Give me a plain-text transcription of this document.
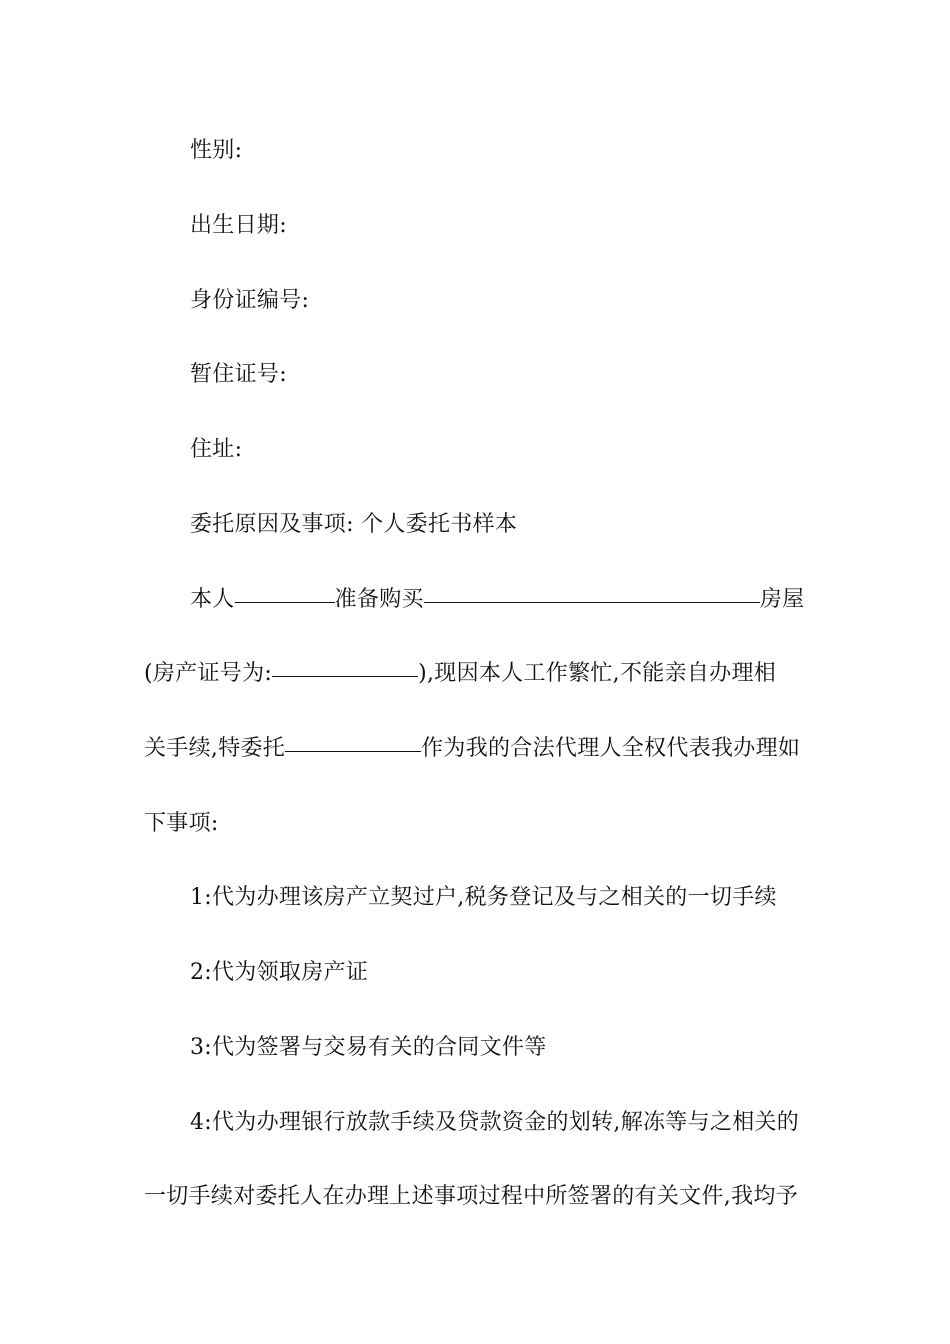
性别:
出生日期:
身份证编号:
暂住证号:
住址:
委托原因及事项: 个人委托书样本
本人	准备购买	房屋
(房产证号为:	),现因本人工作繁忙,不能亲自办理相
关手续,特委托	作为我的合法代理人全权代表我办理如
下事项:
1:代为办理该房产立契过户,税务登记及与之相关的一切手续
2:代为领取房产证
3:代为签署与交易有关的合同文件等
4:代为办理银行放款手续及贷款资金的划转,解冻等与之相关的
一切手续对委托人在办理上述事项过程中所签署的有关文件,我均予
